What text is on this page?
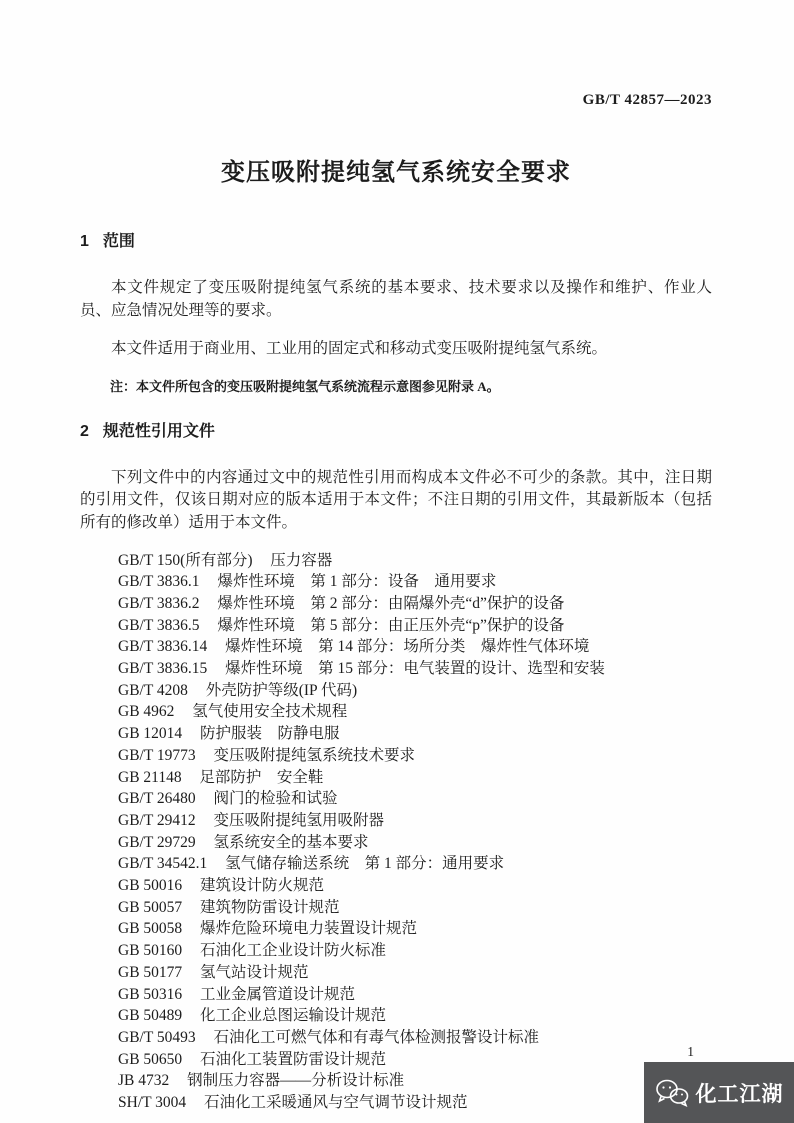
GB/T 42857—2023
变压吸附提纯氢气系统安全要求
1 范围

本文件规定了变压吸附提纯氢气系统的基本要求、技术要求以及操作和维护、作业人员、应急情况处理等的要求。

本文件适用于商业用、工业用的固定式和移动式变压吸附提纯氢气系统。

注：本文件所包含的变压吸附提纯氢气系统流程示意图参见附录 A。
2 规范性引用文件

下列文件中的内容通过文中的规范性引用而构成本文件必不可少的条款。其中，注日期的引用文件，仅该日期对应的版本适用于本文件；不注日期的引用文件，其最新版本（包括所有的修改单）适用于本文件。

GB/T 150(所有部分) 压力容器
GB/T 3836.1 爆炸性环境　第 1 部分：设备　通用要求
GB/T 3836.2 爆炸性环境　第 2 部分：由隔爆外壳“d”保护的设备
GB/T 3836.5 爆炸性环境　第 5 部分：由正压外壳“p”保护的设备
GB/T 3836.14 爆炸性环境　第 14 部分：场所分类　爆炸性气体环境
GB/T 3836.15 爆炸性环境　第 15 部分：电气装置的设计、选型和安装
GB/T 4208 外壳防护等级(IP 代码)
GB 4962 氢气使用安全技术规程
GB 12014 防护服装　防静电服
GB/T 19773 变压吸附提纯氢系统技术要求
GB 21148 足部防护　安全鞋
GB/T 26480 阀门的检验和试验
GB/T 29412 变压吸附提纯氢用吸附器
GB/T 29729 氢系统安全的基本要求
GB/T 34542.1 氢气储存输送系统　第 1 部分：通用要求
GB 50016 建筑设计防火规范
GB 50057 建筑物防雷设计规范
GB 50058 爆炸危险环境电力装置设计规范
GB 50160 石油化工企业设计防火标准
GB 50177 氢气站设计规范
GB 50316 工业金属管道设计规范
GB 50489 化工企业总图运输设计规范
GB/T 50493 石油化工可燃气体和有毒气体检测报警设计标准
GB 50650 石油化工装置防雷设计规范
JB 4732 钢制压力容器——分析设计标准
SH/T 3004 石油化工采暖通风与空气调节设计规范
1
化工江湖
